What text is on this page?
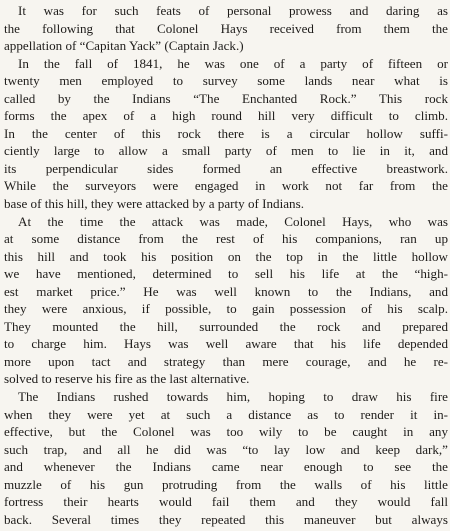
It was for such feats of personal prowess and daring as
the following that Colonel Hays received from them the
appellation of “Capitan Yack” (Captain Jack.)
In the fall of 1841, he was one of a party of fifteen or
twenty men employed to survey some lands near what is
called by the Indians “The Enchanted Rock.” This rock
forms the apex of a high round hill very difficult to climb.
In the center of this rock there is a circular hollow suffi-
ciently large to allow a small party of men to lie in it, and
its perpendicular sides formed an effective breastwork.
While the surveyors were engaged in work not far from the
base of this hill, they were attacked by a party of Indians.
At the time the attack was made, Colonel Hays, who was
at some distance from the rest of his companions, ran up
this hill and took his position on the top in the little hollow
we have mentioned, determined to sell his life at the “high-
est market price.” He was well known to the Indians, and
they were anxious, if possible, to gain possession of his scalp.
They mounted the hill, surrounded the rock and prepared
to charge him. Hays was well aware that his life depended
more upon tact and strategy than mere courage, and he re-
solved to reserve his fire as the last alternative.
The Indians rushed towards him, hoping to draw his fire
when they were yet at such a distance as to render it in-
effective, but the Colonel was too wily to be caught in any
such trap, and all he did was “to lay low and keep dark,”
and whenever the Indians came near enough to see the
muzzle of his gun protruding from the walls of his little
fortress their hearts would fail them and they would fall
back. Several times they repeated this maneuver but always
